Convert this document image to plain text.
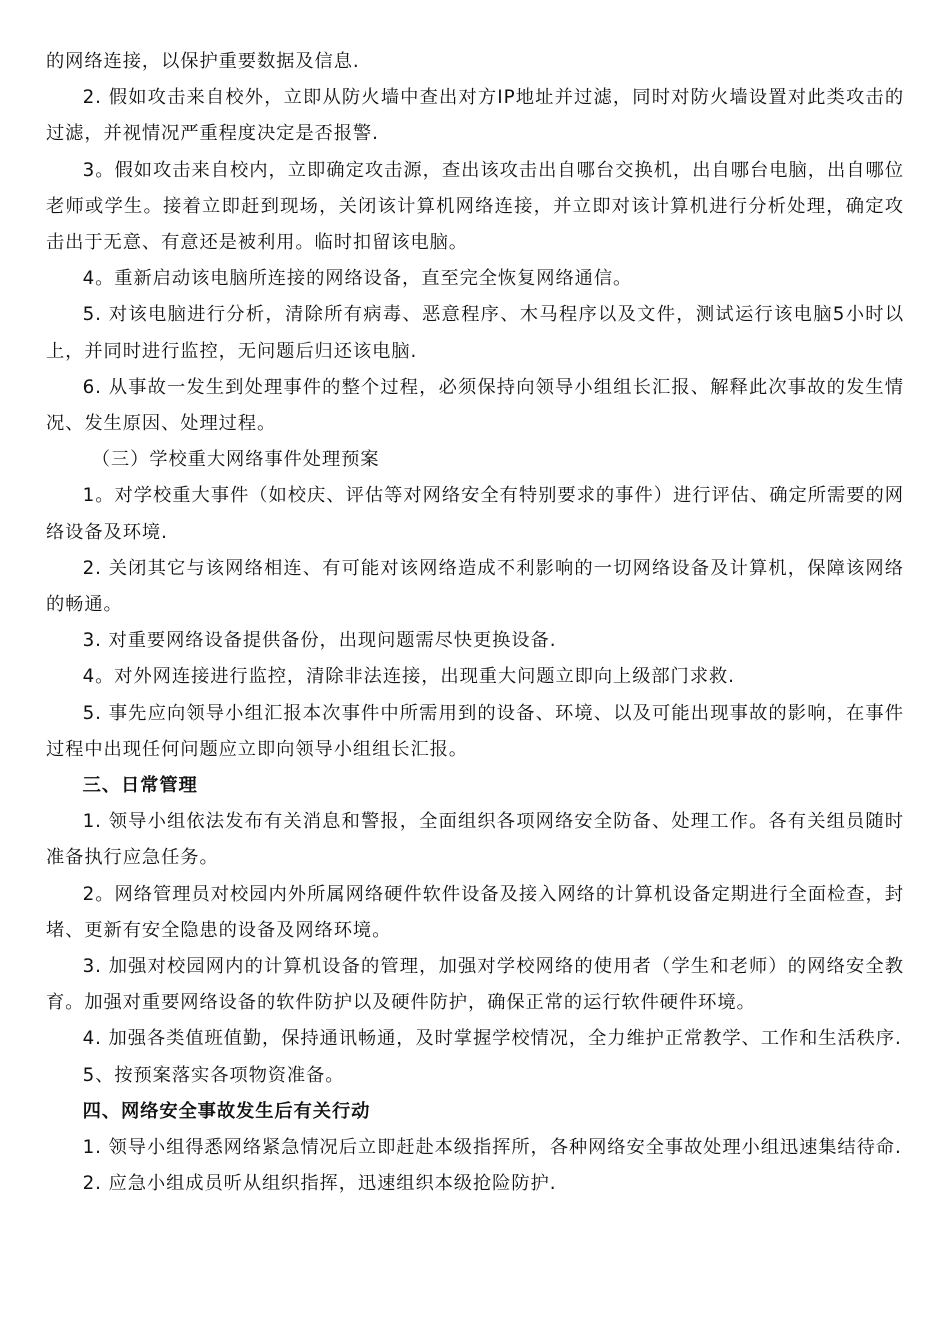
的网络连接，以保护重要数据及信息.

2. 假如攻击来自校外，立即从防火墙中查出对方IP地址并过滤，同时对防火墙设置对此类攻击的过滤，并视情况严重程度决定是否报警.

3。假如攻击来自校内，立即确定攻击源，查出该攻击出自哪台交换机，出自哪台电脑，出自哪位老师或学生。接着立即赶到现场，关闭该计算机网络连接，并立即对该计算机进行分析处理，确定攻击出于无意、有意还是被利用。临时扣留该电脑。

4。重新启动该电脑所连接的网络设备，直至完全恢复网络通信。

5. 对该电脑进行分析，清除所有病毒、恶意程序、木马程序以及文件，测试运行该电脑5小时以上，并同时进行监控，无问题后归还该电脑.

6. 从事故一发生到处理事件的整个过程，必须保持向领导小组组长汇报、解释此次事故的发生情况、发生原因、处理过程。

（三）学校重大网络事件处理预案

1。对学校重大事件（如校庆、评估等对网络安全有特别要求的事件）进行评估、确定所需要的网络设备及环境.

2. 关闭其它与该网络相连、有可能对该网络造成不利影响的一切网络设备及计算机，保障该网络的畅通。

3. 对重要网络设备提供备份，出现问题需尽快更换设备.

4。对外网连接进行监控，清除非法连接，出现重大问题立即向上级部门求救.

5. 事先应向领导小组汇报本次事件中所需用到的设备、环境、以及可能出现事故的影响，在事件过程中出现任何问题应立即向领导小组组长汇报。

三、日常管理

1. 领导小组依法发布有关消息和警报，全面组织各项网络安全防备、处理工作。各有关组员随时准备执行应急任务。

2。网络管理员对校园内外所属网络硬件软件设备及接入网络的计算机设备定期进行全面检查，封堵、更新有安全隐患的设备及网络环境。

3. 加强对校园网内的计算机设备的管理，加强对学校网络的使用者（学生和老师）的网络安全教育。加强对重要网络设备的软件防护以及硬件防护，确保正常的运行软件硬件环境。

4. 加强各类值班值勤，保持通讯畅通，及时掌握学校情况，全力维护正常教学、工作和生活秩序.

5、按预案落实各项物资准备。

四、网络安全事故发生后有关行动

1. 领导小组得悉网络紧急情况后立即赶赴本级指挥所，各种网络安全事故处理小组迅速集结待命.

2. 应急小组成员听从组织指挥，迅速组织本级抢险防护.
